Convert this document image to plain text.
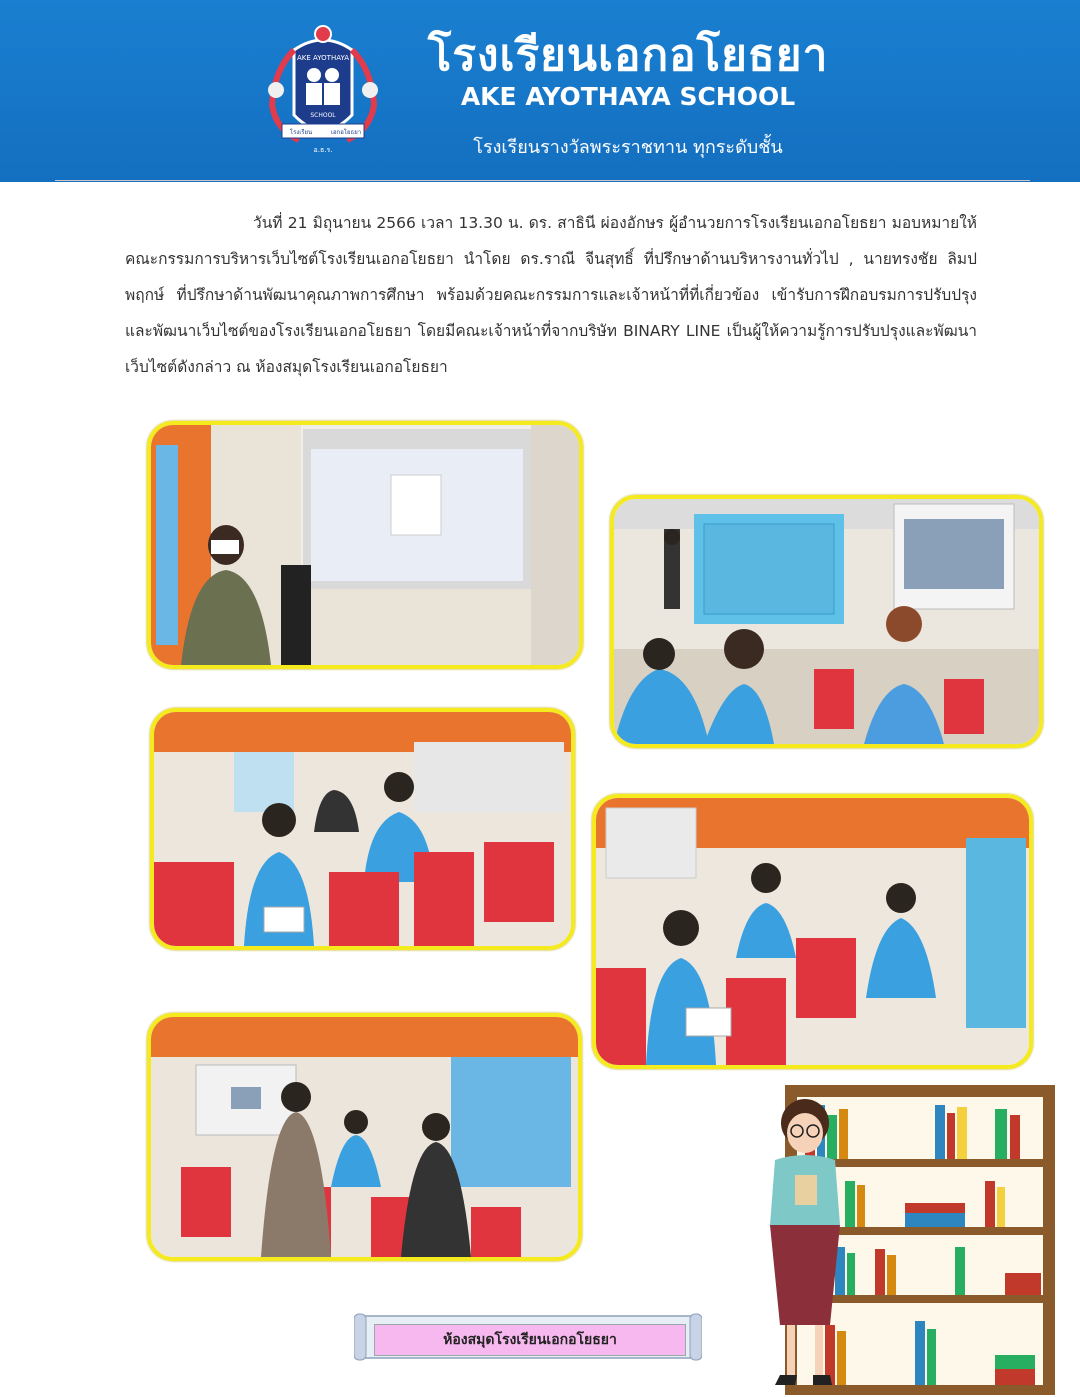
AKE AYOTHAYA
SCHOOL
โรงเรียน	เอกอโยธยา
อ.ธ.ร.
โรงเรียนเอกอโยธยา
AKE AYOTHAYA SCHOOL
โรงเรียนรางวัลพระราชทาน ทุกระดับชั้น

วันที่ 21 มิถุนายน 2566 เวลา 13.30 น. ดร. สาธินี ผ่องอักษร ผู้อำนวยการโรงเรียนเอกอโยธยา มอบหมายให้คณะกรรมการบริหารเว็บไซต์โรงเรียนเอกอโยธยา นำโดย ดร.ราณี จีนสุทธิ์ ที่ปรึกษาด้านบริหารงานทั่วไป , นายทรงชัย ลิมปพฤกษ์ ที่ปรึกษาด้านพัฒนาคุณภาพการศึกษา พร้อมด้วยคณะกรรมการและเจ้าหน้าที่ที่เกี่ยวข้อง เข้ารับการฝึกอบรมการปรับปรุงและพัฒนาเว็บไซต์ของโรงเรียนเอกอโยธยา โดยมีคณะเจ้าหน้าที่จากบริษัท BINARY LINE เป็นผู้ให้ความรู้การปรับปรุงและพัฒนาเว็บไซต์ดังกล่าว ณ ห้องสมุดโรงเรียนเอกอโยธยา

ห้องสมุดโรงเรียนเอกอโยธยา
